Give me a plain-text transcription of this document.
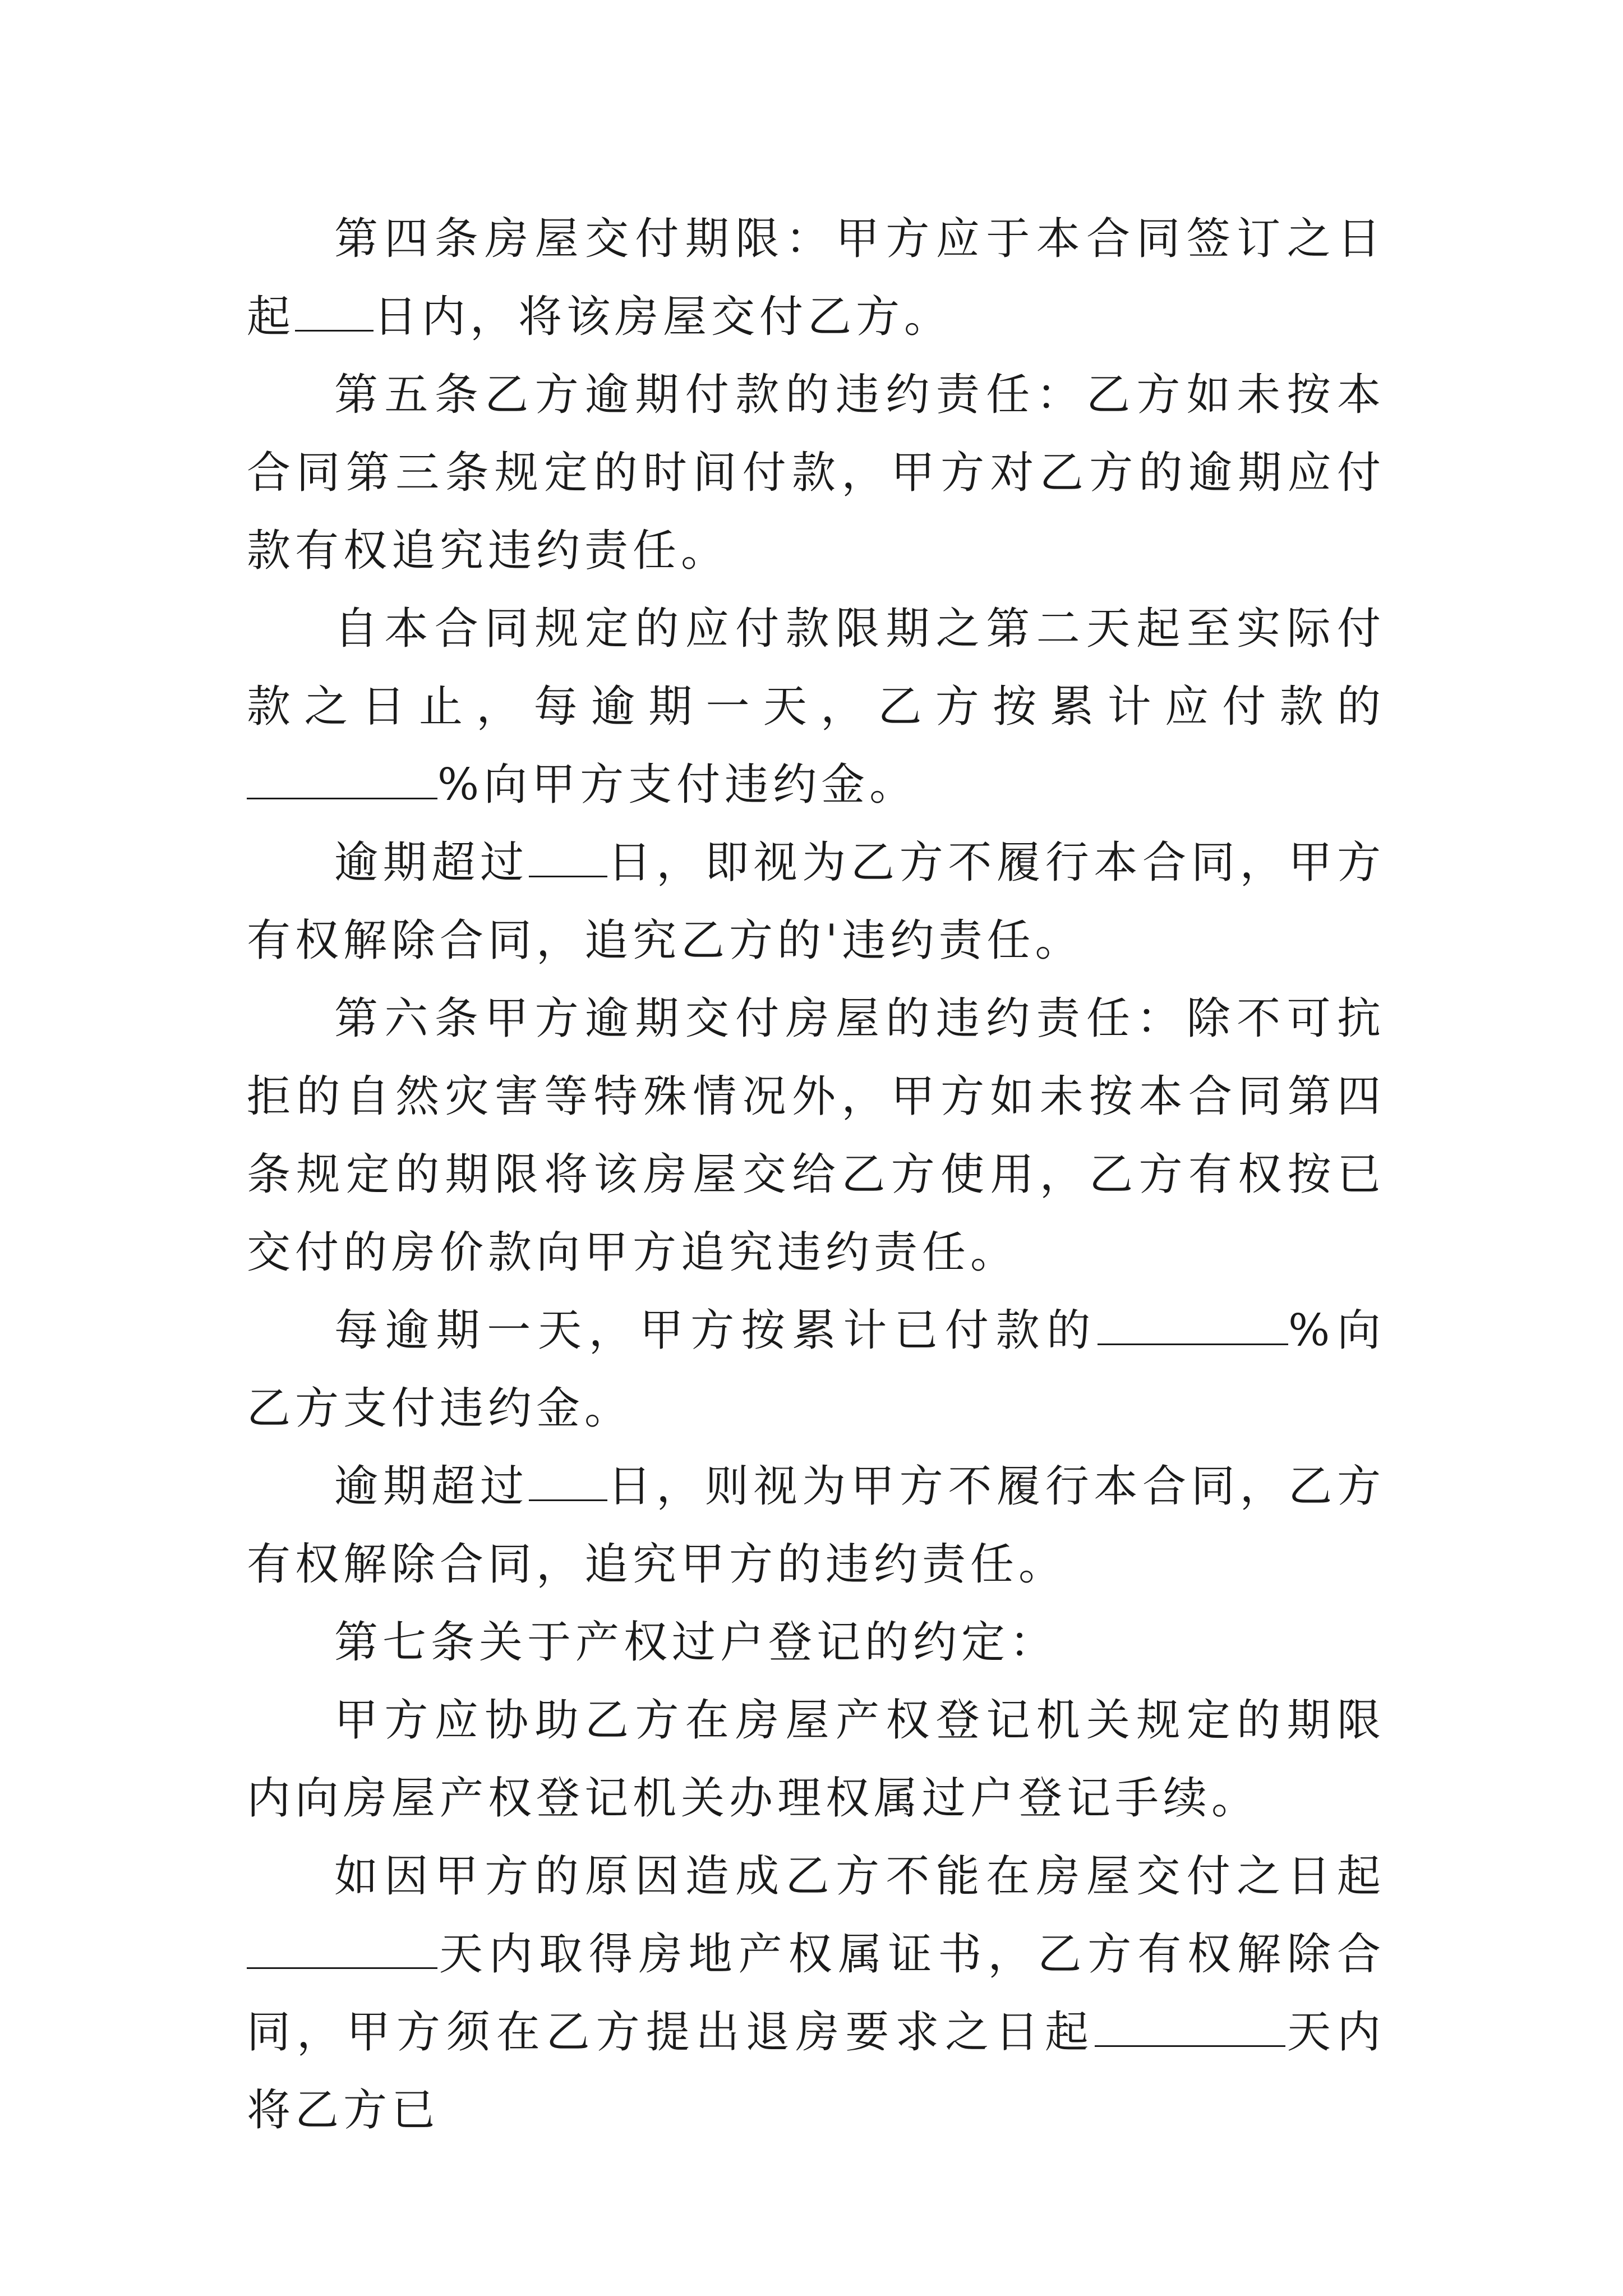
第四条房屋交付期限：甲方应于本合同签订之日起 日内，将该房屋交付乙方。

第五条乙方逾期付款的违约责任：乙方如未按本合同第三条规定的时间付款，甲方对乙方的逾期应付款有权追究违约责任。

自本合同规定的应付款限期之第二天起至实际付款之日止，每逾期一天，乙方按累计应付款的%向甲方支付违约金。

逾期超过 日，即视为乙方不履行本合同，甲方有权解除合同，追究乙方的'违约责任。

第六条甲方逾期交付房屋的违约责任：除不可抗拒的自然灾害等特殊情况外，甲方如未按本合同第四条规定的期限将该房屋交给乙方使用，乙方有权按已交付的房价款向甲方追究违约责任。

每逾期一天，甲方按累计已付款的	%向乙方支付违约金。

逾期超过 日，则视为甲方不履行本合同，乙方有权解除合同，追究甲方的违约责任。

第七条关于产权过户登记的约定：

甲方应协助乙方在房屋产权登记机关规定的期限内向房屋产权登记机关办理权属过户登记手续。

如因甲方的原因造成乙方不能在房屋交付之日起天内取得房地产权属证书，乙方有权解除合同，甲方须在乙方提出退房要求之日起	天内将乙方已
